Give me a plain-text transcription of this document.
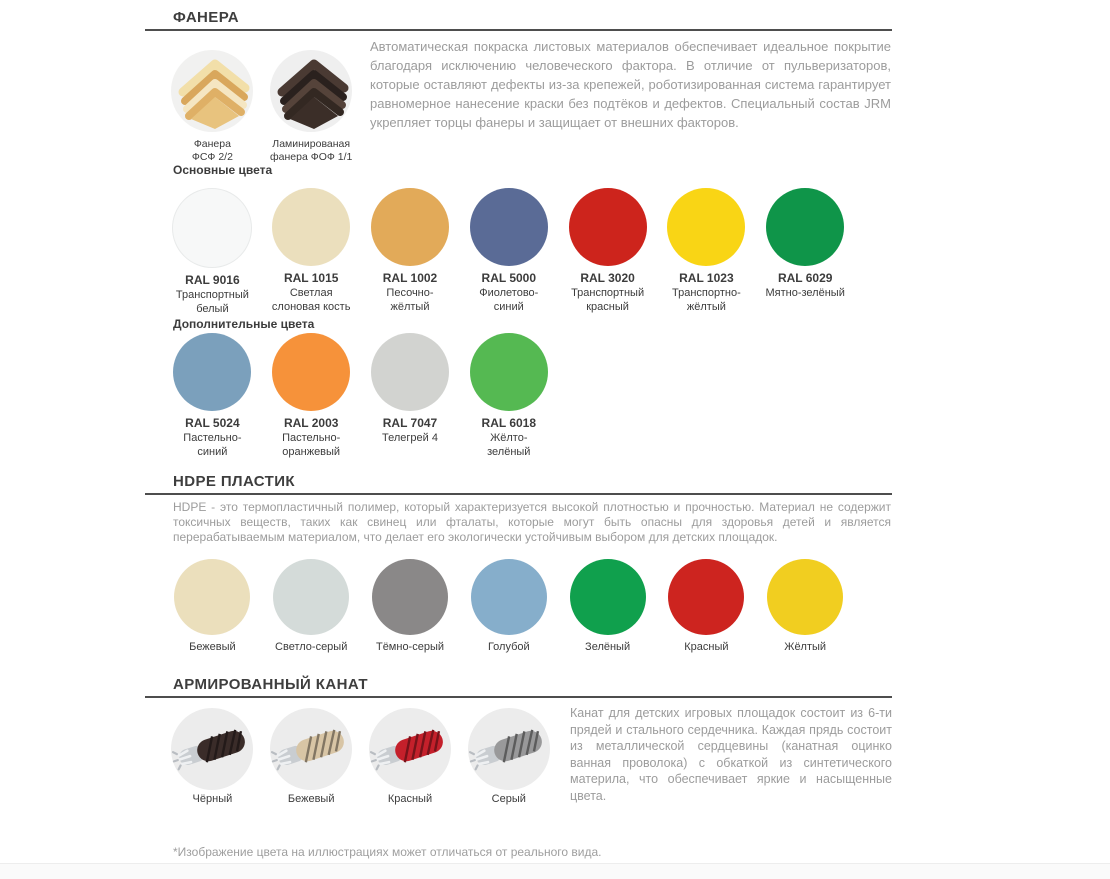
ФАНЕРА
Фанера
ФСФ 2/2
Ламинированая
фанера ФОФ 1/1
Автоматическая покраска листовых материалов обеспечивает идеальное покрытие благодаря исключению человеческого фактора. В отличие от пульверизаторов, которые оставляют дефекты из-за крепежей, роботизированная система гарантирует равномерное нанесение краски без подтёков и дефектов. Специальный состав JRM укрепляет торцы фанеры и защищает от внешних факторов.
Основные цвета
RAL 9016
Транспортный
белый
RAL 1015
Светлая
слоновая кость
RAL 1002
Песочно-
жёлтый
RAL 5000
Фиолетово-
синий
RAL 3020
Транспортный
красный
RAL 1023
Транспортно-
жёлтый
RAL 6029
Мятно-зелёный
Дополнительные цвета
RAL 5024
Пастельно-
синий
RAL 2003
Пастельно-
оранжевый
RAL 7047
Телегрей 4
RAL 6018
Жёлто-
зелёный
HDPE ПЛАСТИК
HDPE - это термопластичный полимер, который характеризуется высокой плотностью и прочностью. Материал не содержит токсичных веществ, таких как свинец или фталаты, которые могут быть опасны для здоровья детей и является перерабатываемым материалом, что делает его экологически устойчивым выбором для детских площадок.
Бежевый	Светло-серый	Тёмно-серый	Голубой	Зелёный	Красный	Жёлтый
АРМИРОВАННЫЙ КАНАТ
Чёрный	Бежевый	Красный	Серый
Канат для детских игровых площадок состоит из 6-ти прядей и стального сердечника. Каждая прядь состоит из металлической сердцевины (канатная оцинко ванная проволока) с обкаткой из синтетического материла, что обеспечивает яркие и насыщенные цвета.
*Изображение цвета на иллюстрациях может отличаться от реального вида.
